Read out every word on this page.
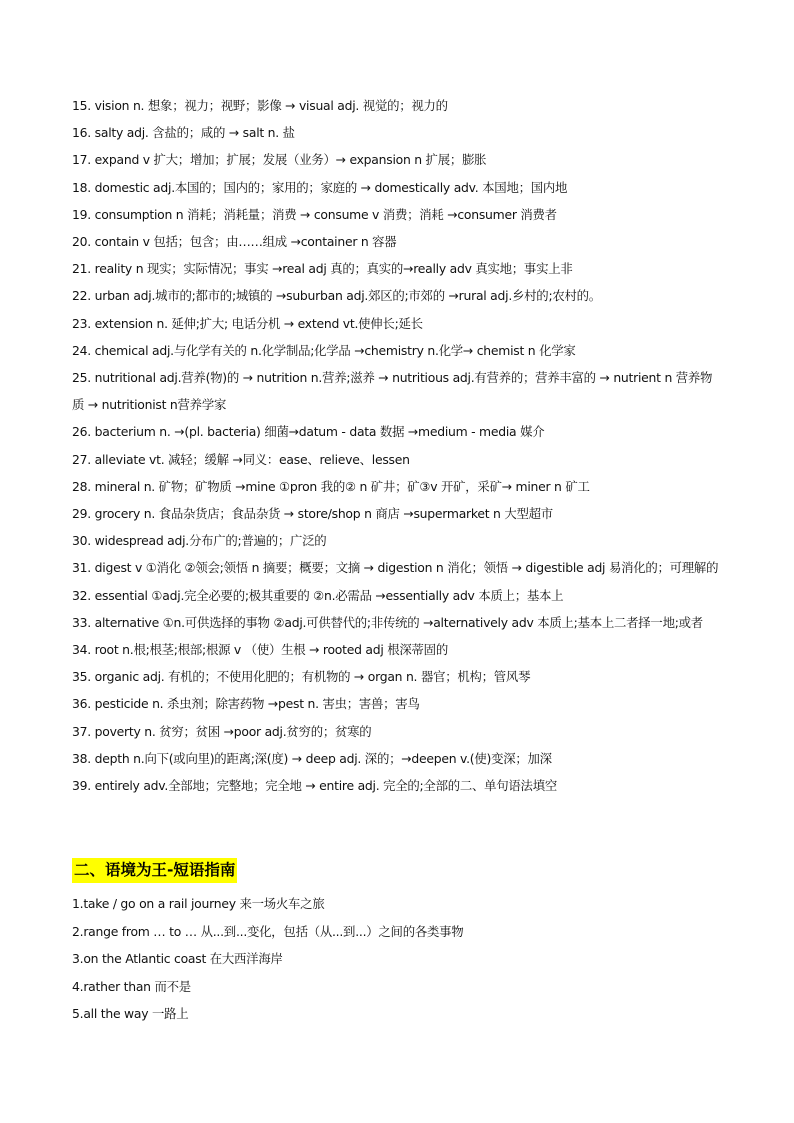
15. vision n. 想象；视力；视野；影像 → visual adj. 视觉的；视力的
16. salty adj. 含盐的；咸的 → salt n. 盐
17. expand v 扩大；增加；扩展；发展（业务）→ expansion n 扩展；膨胀
18. domestic adj.本国的；国内的；家用的；家庭的 → domestically adv. 本国地；国内地
19. consumption n 消耗；消耗量；消费 → consume v 消费；消耗 →consumer 消费者
20. contain v 包括；包含；由……组成 →container n 容器
21. reality n 现实；实际情况；事实 →real adj 真的；真实的→really adv 真实地；事实上非
22. urban adj.城市的;都市的;城镇的 →suburban adj.郊区的;市郊的 →rural adj.乡村的;农村的。
23. extension n. 延伸;扩大; 电话分机 → extend vt.使伸长;延长
24. chemical adj.与化学有关的 n.化学制品;化学品 →chemistry n.化学→ chemist n 化学家
25. nutritional adj.营养(物)的 → nutrition n.营养;滋养 → nutritious adj.有营养的；营养丰富的 → nutrient n 营养物质 → nutritionist n营养学家
26. bacterium n. →(pl. bacteria) 细菌→datum - data 数据 →medium - media 媒介
27. alleviate vt. 减轻；缓解 →同义：ease、relieve、lessen
28. mineral n. 矿物；矿物质 →mine ①pron 我的② n 矿井；矿③v 开矿，采矿→ miner n 矿工
29. grocery n. 食品杂货店；食品杂货 → store/shop n 商店 →supermarket n 大型超市
30. widespread adj.分布广的;普遍的；广泛的
31. digest v ①消化 ②领会;领悟 n 摘要；概要；文摘 → digestion n 消化；领悟 → digestible adj 易消化的；可理解的
32. essential ①adj.完全必要的;极其重要的 ②n.必需品 →essentially adv 本质上；基本上
33. alternative ①n.可供选择的事物 ②adj.可供替代的;非传统的 →alternatively adv 本质上;基本上二者择一地;或者
34. root n.根;根茎;根部;根源 v （使）生根 → rooted adj 根深蒂固的
35. organic adj. 有机的；不使用化肥的；有机物的 → organ n. 器官；机构；管风琴
36. pesticide n. 杀虫剂；除害药物 →pest n. 害虫；害兽；害鸟
37. poverty n. 贫穷；贫困 →poor adj.贫穷的；贫寒的
38. depth n.向下(或向里)的距离;深(度) → deep adj. 深的；→deepen v.(使)变深；加深
39. entirely adv.全部地；完整地；完全地 → entire adj. 完全的;全部的二、单句语法填空
二、语境为王-短语指南
1.take / go on a rail journey 来一场火车之旅
2.range from … to … 从...到...变化，包括（从...到...）之间的各类事物
3.on the Atlantic coast 在大西洋海岸
4.rather than 而不是
5.all the way 一路上
